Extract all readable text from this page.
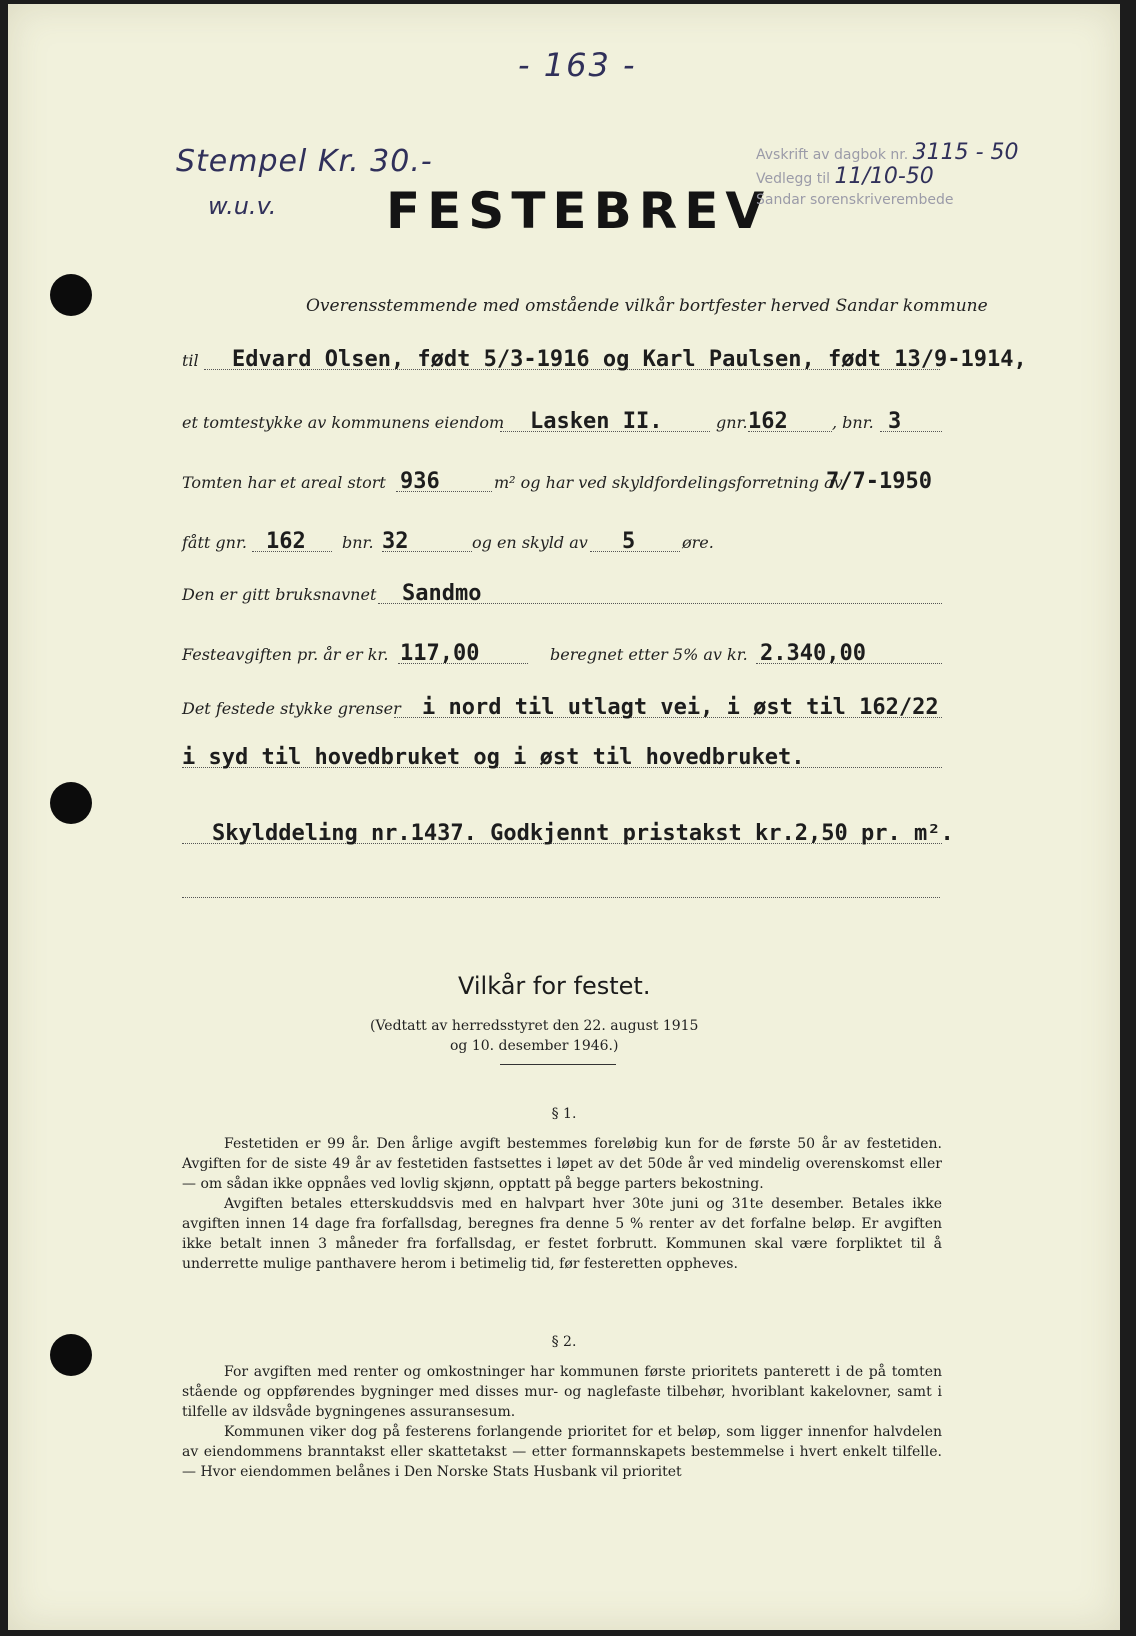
- 163 -
Stempel Kr. 30.-
w.u.v. FESTEBREV
Avskrift av dagbok nr. 3115 - 50
Vedlegg til 11/10-50
Sandar sorenskriverembede
Overensstemmende med omstående vilkår bortfester herved Sandar kommune
til Edvard Olsen, født 5/3-1916 og Karl Paulsen, født 13/9-1914,
et tomtestykke av kommunens eiendom Lasken II.	gnr. 162	, bnr. 3
Tomten har et areal stort 936	m² og har ved skyldfordelingsforretning av
7/7-1950
fått gnr. 162 bnr. 32	og en skyld av 5	øre.
Den er gitt bruksnavnet Sandmo
Festeavgiften pr. år er kr. 117,00	beregnet etter 5% av kr. 2.340,00
Det festede stykke grenser i nord til utlagt vei, i øst til 162/22
i syd til hovedbruket og i øst til hovedbruket.
Skylddeling nr.1437. Godkjennt pristakst kr.2,50 pr. m².
Vilkår for festet.
(Vedtatt av herredsstyret den 22. august 1915
og 10. desember 1946.)
§ 1.

Festetiden er 99 år. Den årlige avgift bestemmes foreløbig kun for de første 50 år av festetiden. Avgiften for de siste 49 år av festetiden fastsettes i løpet av det 50de år ved mindelig overenskomst eller — om sådan ikke oppnåes ved lovlig skjønn, opptatt på begge parters bekostning.

Avgiften betales etterskuddsvis med en halvpart hver 30te juni og 31te desember. Betales ikke avgiften innen 14 dage fra forfallsdag, beregnes fra denne 5 % renter av det forfalne beløp. Er avgiften ikke betalt innen 3 måneder fra forfallsdag, er festet forbrutt. Kommunen skal være forpliktet til å underrette mulige panthavere herom i betimelig tid, før festeretten oppheves.

§ 2.

For avgiften med renter og omkostninger har kommunen første prioritets panterett i de på tomten stående og oppførendes bygninger med disses mur- og naglefaste tilbehør, hvoriblant kakelovner, samt i tilfelle av ildsvåde bygningenes assuransesum.

Kommunen viker dog på festerens forlangende prioritet for et beløp, som ligger innenfor halvdelen av eiendommens branntakst eller skattetakst — etter formannskapets bestemmelse i hvert enkelt tilfelle. — Hvor eiendommen belånes i Den Norske Stats Husbank vil prioritet
